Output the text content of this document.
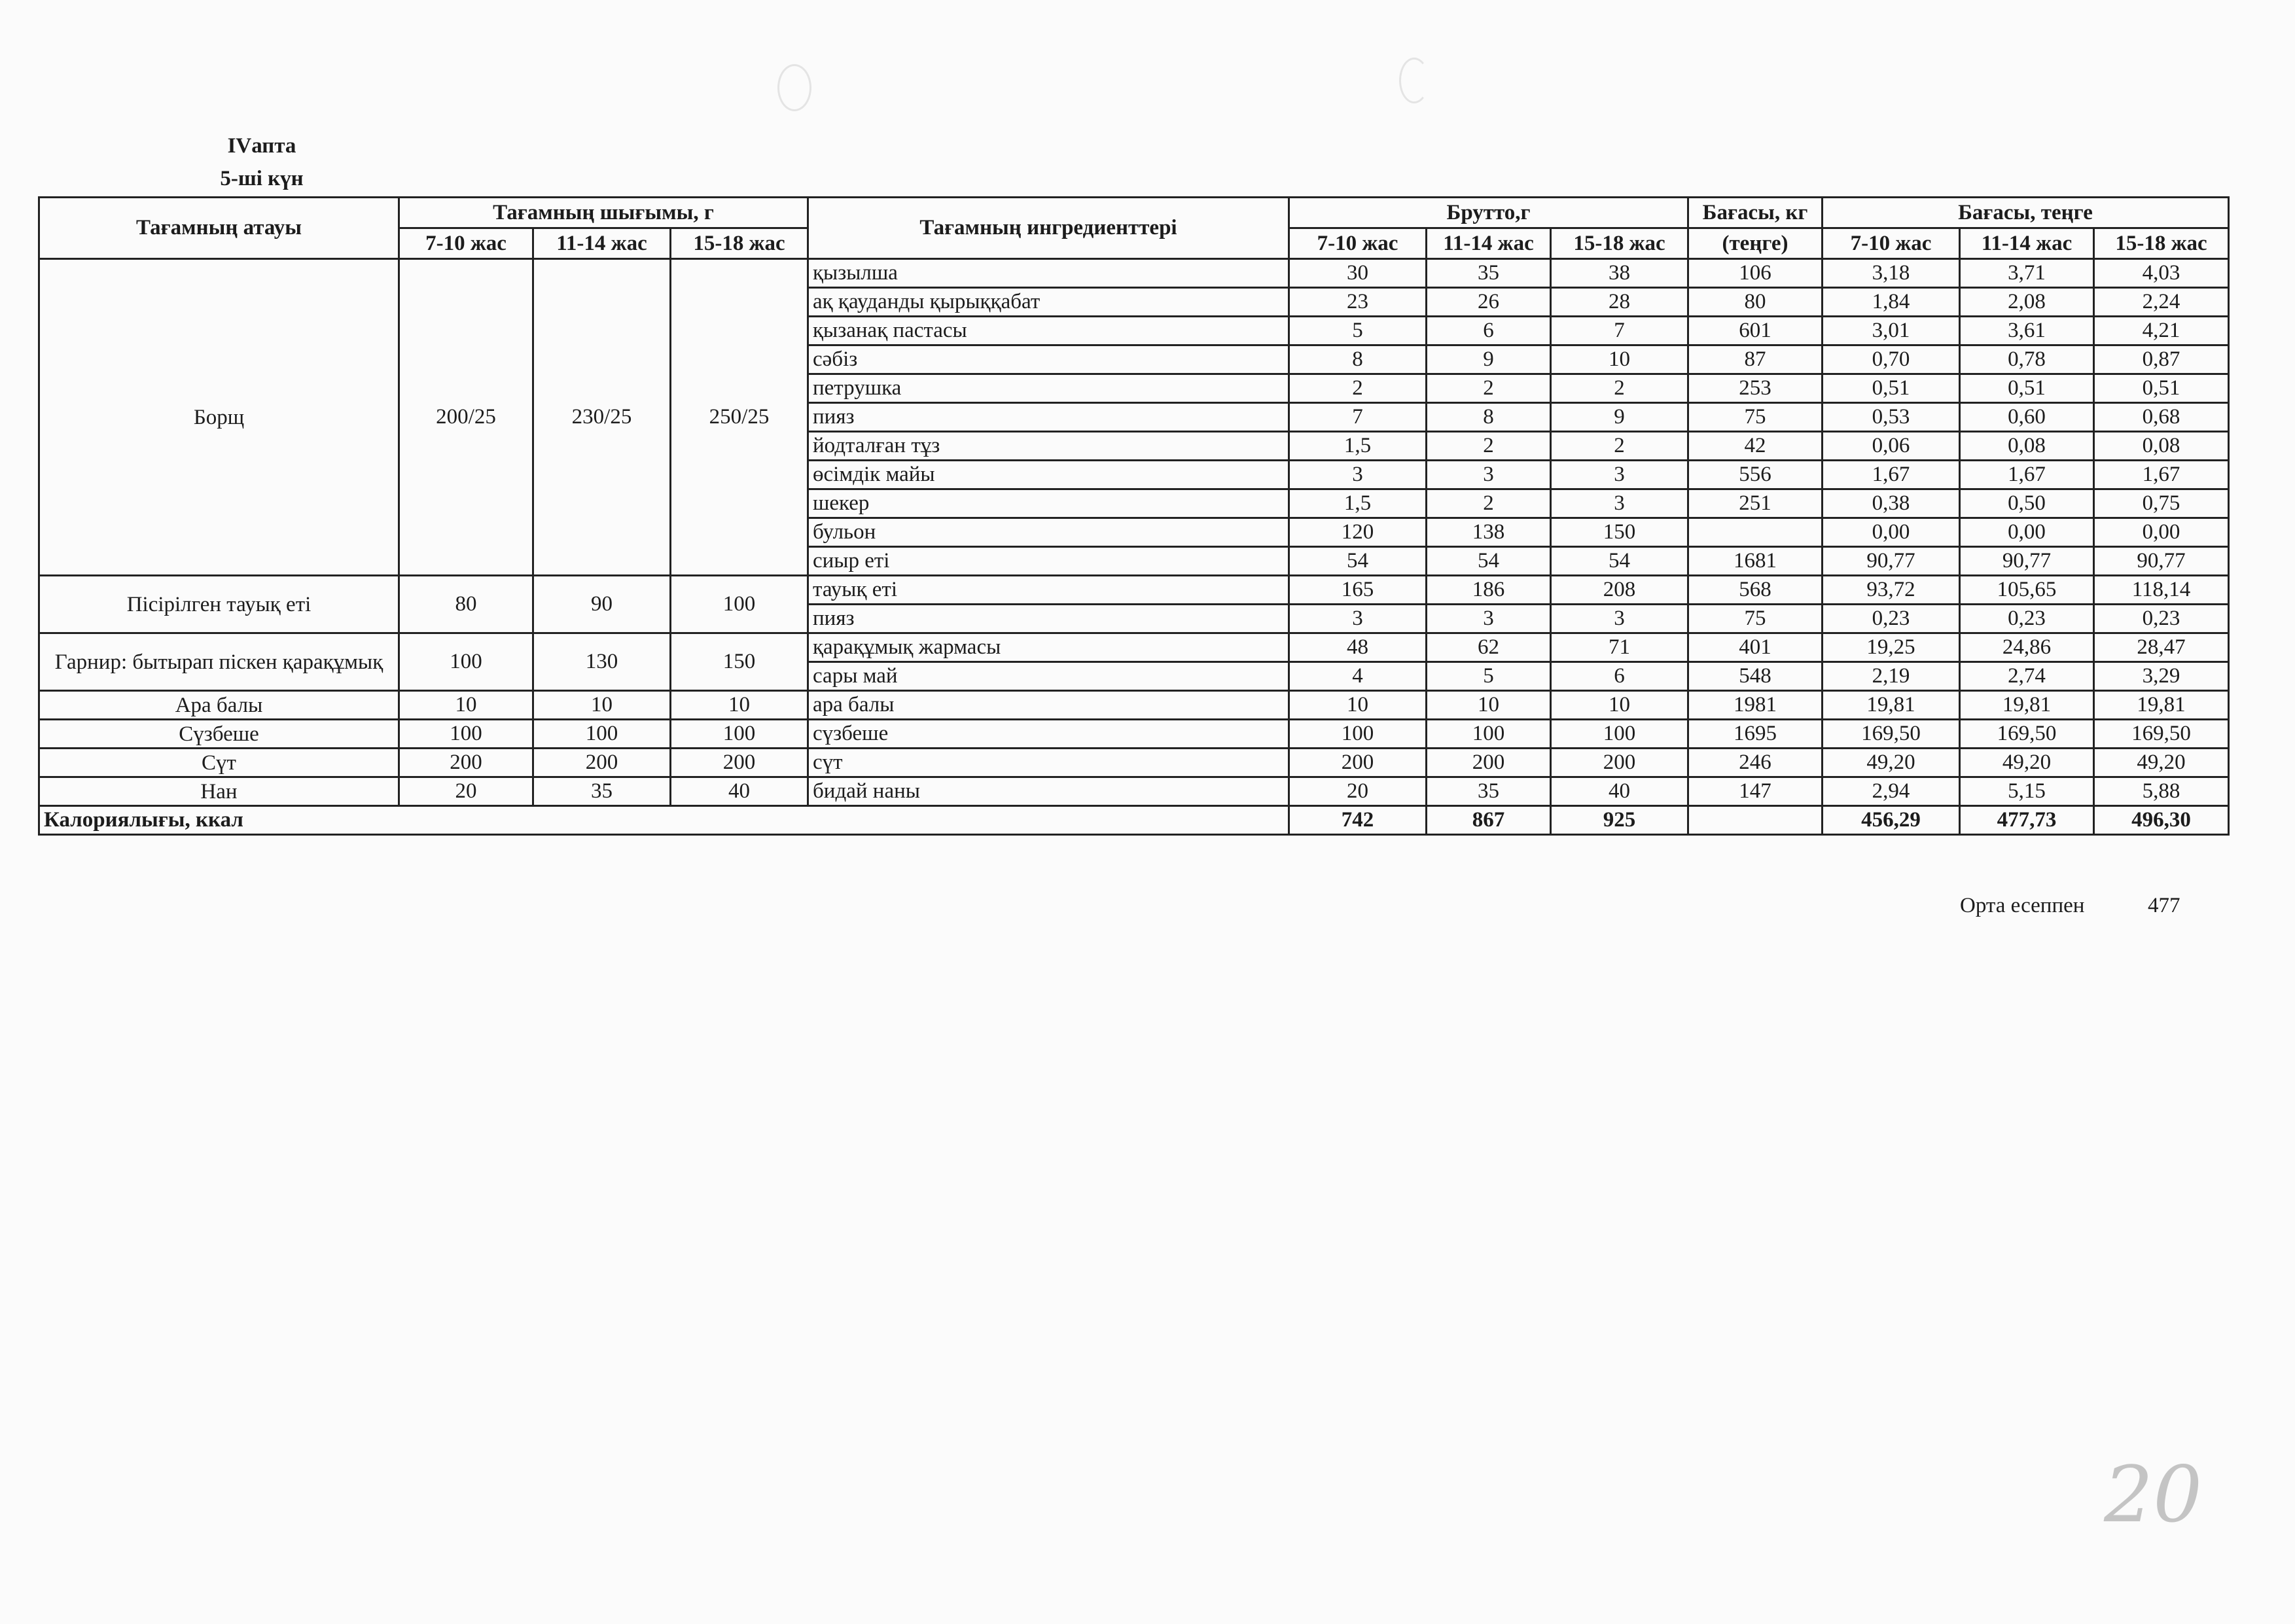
IVапта
5-ші күн
Тағамның атауы	Тағамның шығымы, г			Тағамның ингредиенттері	Брутто,г			Бағасы, кг	Бағасы, теңге		
	7-10 жас	11-14 жас	15-18 жас		7-10 жас	11-14 жас	15-18 жас	(теңге)	7-10 жас	11-14 жас	15-18 жас
Борщ	200/25	230/25	250/25	қызылша	30	35	38	106	3,18	3,71	4,03
				ақ қауданды қырыққабат	23	26	28	80	1,84	2,08	2,24
				қызанақ пастасы	5	6	7	601	3,01	3,61	4,21
				сәбіз	8	9	10	87	0,70	0,78	0,87
				петрушка	2	2	2	253	0,51	0,51	0,51
				пияз	7	8	9	75	0,53	0,60	0,68
				йодталған тұз	1,5	2	2	42	0,06	0,08	0,08
				өсімдік майы	3	3	3	556	1,67	1,67	1,67
				шекер	1,5	2	3	251	0,38	0,50	0,75
				бульон	120	138	150		0,00	0,00	0,00
				сиыр еті	54	54	54	1681	90,77	90,77	90,77
Пісірілген тауық еті	80	90	100	тауық еті	165	186	208	568	93,72	105,65	118,14
				пияз	3	3	3	75	0,23	0,23	0,23
Гарнир: бытырап піскен қарақұмық	100	130	150	қарақұмық жармасы	48	62	71	401	19,25	24,86	28,47
				сары май	4	5	6	548	2,19	2,74	3,29
Ара балы	10	10	10	ара балы	10	10	10	1981	19,81	19,81	19,81
Сүзбеше	100	100	100	сүзбеше	100	100	100	1695	169,50	169,50	169,50
Сүт	200	200	200	сүт	200	200	200	246	49,20	49,20	49,20
Нан	20	35	40	бидай наны	20	35	40	147	2,94	5,15	5,88
Калориялығы, ккал					742	867	925		456,29	477,73	496,30
Орта есеппен	477
20
